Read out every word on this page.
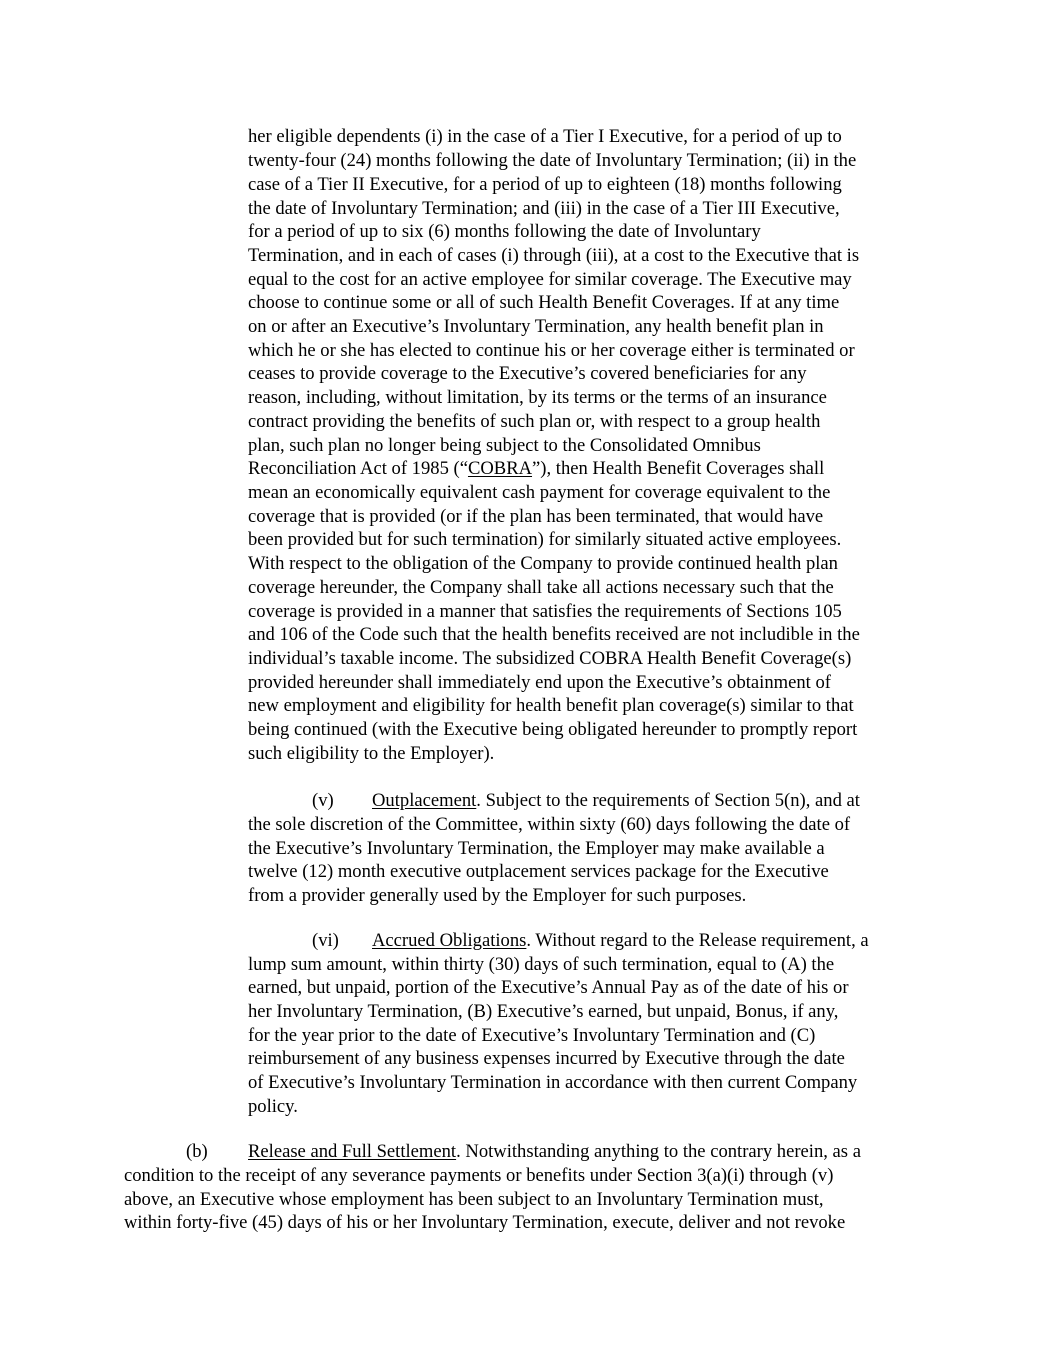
her eligible dependents (i) in the case of a Tier I Executive, for a period of up to
twenty-four (24) months following the date of Involuntary Termination; (ii) in the
case of a Tier II Executive, for a period of up to eighteen (18) months following
the date of Involuntary Termination; and (iii) in the case of a Tier III Executive,
for a period of up to six (6) months following the date of Involuntary
Termination, and in each of cases (i) through (iii), at a cost to the Executive that is
equal to the cost for an active employee for similar coverage. The Executive may
choose to continue some or all of such Health Benefit Coverages. If at any time
on or after an Executive’s Involuntary Termination, any health benefit plan in
which he or she has elected to continue his or her coverage either is terminated or
ceases to provide coverage to the Executive’s covered beneficiaries for any
reason, including, without limitation, by its terms or the terms of an insurance
contract providing the benefits of such plan or, with respect to a group health
plan, such plan no longer being subject to the Consolidated Omnibus
Reconciliation Act of 1985 (“COBRA”), then Health Benefit Coverages shall
mean an economically equivalent cash payment for coverage equivalent to the
coverage that is provided (or if the plan has been terminated, that would have
been provided but for such termination) for similarly situated active employees.
With respect to the obligation of the Company to provide continued health plan
coverage hereunder, the Company shall take all actions necessary such that the
coverage is provided in a manner that satisfies the requirements of Sections 105
and 106 of the Code such that the health benefits received are not includible in the
individual’s taxable income. The subsidized COBRA Health Benefit Coverage(s)
provided hereunder shall immediately end upon the Executive’s obtainment of
new employment and eligibility for health benefit plan coverage(s) similar to that
being continued (with the Executive being obligated hereunder to promptly report
such eligibility to the Employer).
(v) Outplacement. Subject to the requirements of Section 5(n), and at
the sole discretion of the Committee, within sixty (60) days following the date of
the Executive’s Involuntary Termination, the Employer may make available a
twelve (12) month executive outplacement services package for the Executive
from a provider generally used by the Employer for such purposes.
(vi) Accrued Obligations. Without regard to the Release requirement, a
lump sum amount, within thirty (30) days of such termination, equal to (A) the
earned, but unpaid, portion of the Executive’s Annual Pay as of the date of his or
her Involuntary Termination, (B) Executive’s earned, but unpaid, Bonus, if any,
for the year prior to the date of Executive’s Involuntary Termination and (C)
reimbursement of any business expenses incurred by Executive through the date
of Executive’s Involuntary Termination in accordance with then current Company
policy.
(b) Release and Full Settlement. Notwithstanding anything to the contrary herein, as a
condition to the receipt of any severance payments or benefits under Section 3(a)(i) through (v)
above, an Executive whose employment has been subject to an Involuntary Termination must,
within forty-five (45) days of his or her Involuntary Termination, execute, deliver and not revoke
